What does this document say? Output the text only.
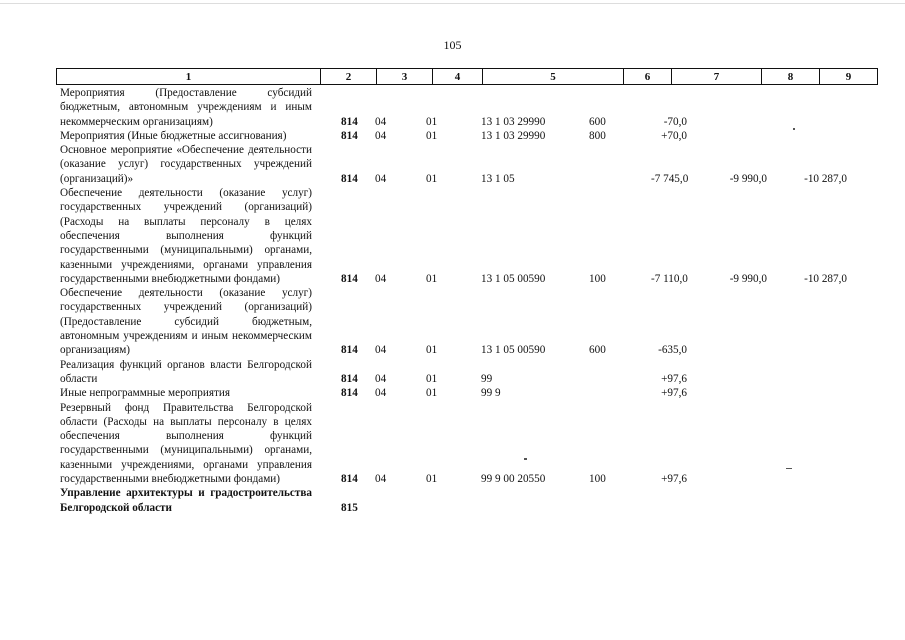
105
1	2	3	4	5	6	7	8	9
Мероприятия (Предоставление субсидий бюджетным, автономным учреждениям и иным некоммерческим организациям)	814	04	01	13 1 03 29990	600	-70,0
Мероприятия (Иные бюджетные ассигнования)	814	04	01	13 1 03 29990	800	+70,0
Основное мероприятие «Обеспечение деятельности (оказание услуг) государственных учреждений (организаций)»	814	04	01	13 1 05	-7 745,0	-9 990,0	-10 287,0
Обеспечение деятельности (оказание услуг) государственных учреждений (организаций) (Расходы на выплаты персоналу в целях обеспечения выполнения функций государственными (муниципальными) органами, казенными учреждениями, органами управления государственными внебюджетными фондами)	814	04	01	13 1 05 00590	100	-7 110,0	-9 990,0	-10 287,0
Обеспечение деятельности (оказание услуг) государственных учреждений (организаций) (Предоставление субсидий бюджетным, автономным учреждениям и иным некоммерческим организациям)	814	04	01	13 1 05 00590	600	-635,0
Реализация функций органов власти Белгородской области	814	04	01	99	+97,6
Иные непрограммные мероприятия	814	04	01	99 9	+97,6
Резервный фонд Правительства Белгородской области (Расходы на выплаты персоналу в целях обеспечения выполнения функций государственными (муниципальными) органами, казенными учреждениями, органами управления государственными внебюджетными фондами)	814	04	01	99 9 00 20550	100	+97,6
Управление архитектуры и градостроительства Белгородской области	815
